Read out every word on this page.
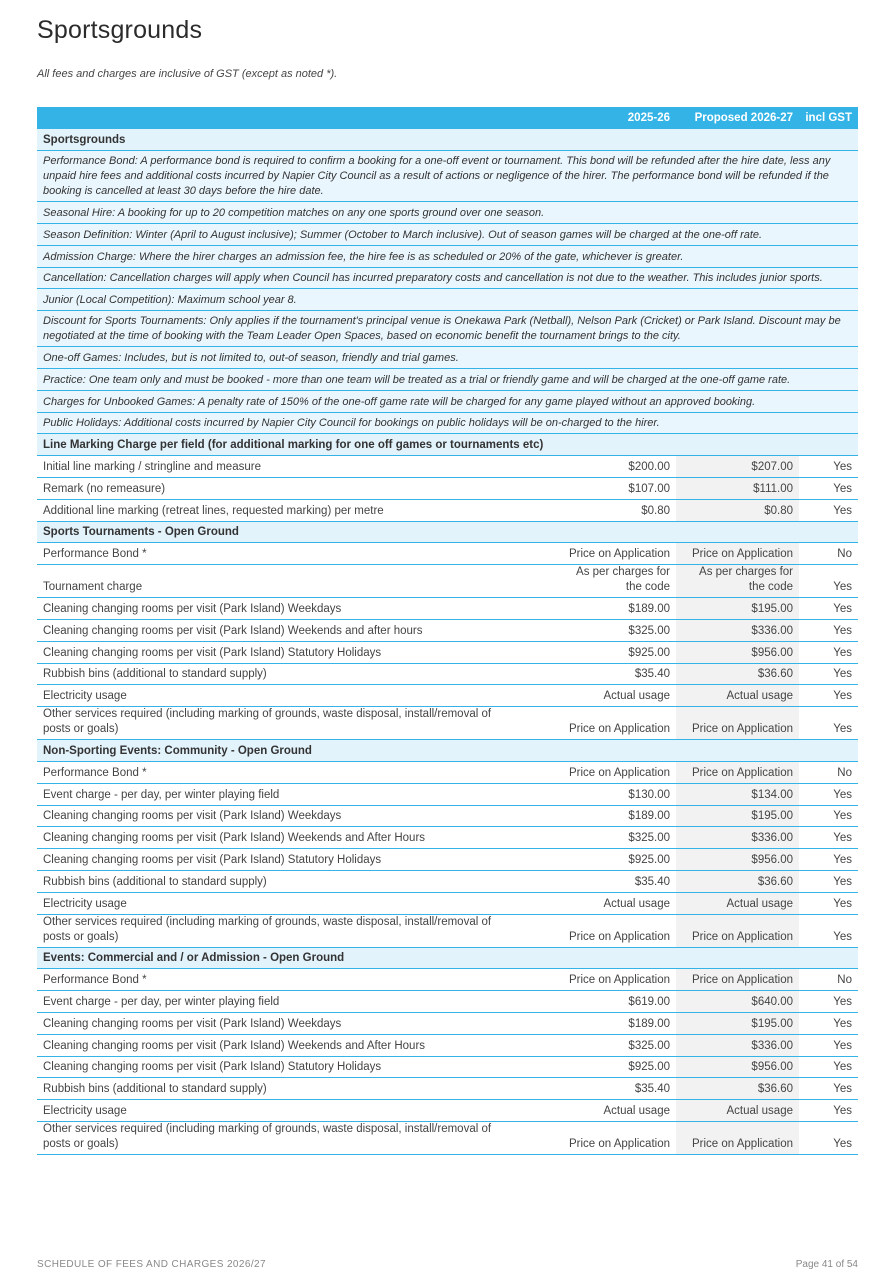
Sportsgrounds

All fees and charges are inclusive of GST (except as noted *).

	2025-26	Proposed 2026-27	incl GST
Sportsgrounds			
Performance Bond: A performance bond is required to confirm a booking for a one-off event or tournament. This bond will be refunded after the hire date, less any unpaid hire fees and additional costs incurred by Napier City Council as a result of actions or negligence of the hirer. The performance bond will be refunded if the booking is cancelled at least 30 days before the hire date.			
Seasonal Hire: A booking for up to 20 competition matches on any one sports ground over one season.			
Season Definition: Winter (April to August inclusive); Summer (October to March inclusive). Out of season games will be charged at the one-off rate.			
Admission Charge: Where the hirer charges an admission fee, the hire fee is as scheduled or 20% of the gate, whichever is greater.			
Cancellation: Cancellation charges will apply when Council has incurred preparatory costs and cancellation is not due to the weather. This includes junior sports.			
Junior (Local Competition): Maximum school year 8.			
Discount for Sports Tournaments: Only applies if the tournament's principal venue is Onekawa Park (Netball), Nelson Park (Cricket) or Park Island. Discount may be negotiated at the time of booking with the Team Leader Open Spaces, based on economic benefit the tournament brings to the city.			
One-off Games: Includes, but is not limited to, out-of season, friendly and trial games.			
Practice: One team only and must be booked - more than one team will be treated as a trial or friendly game and will be charged at the one-off game rate.			
Charges for Unbooked Games: A penalty rate of 150% of the one-off game rate will be charged for any game played without an approved booking.			
Public Holidays: Additional costs incurred by Napier City Council for bookings on public holidays will be on-charged to the hirer.			
Line Marking Charge per field (for additional marking for one off games or tournaments etc)			
Initial line marking / stringline and measure	$200.00	$207.00	Yes
Remark (no remeasure)	$107.00	$111.00	Yes
Additional line marking (retreat lines, requested marking) per metre	$0.80	$0.80	Yes
Sports Tournaments - Open Ground			
Performance Bond *	Price on Application	Price on Application	No
Tournament charge	As per charges for the code	As per charges for the code	Yes
Cleaning changing rooms per visit (Park Island) Weekdays	$189.00	$195.00	Yes
Cleaning changing rooms per visit (Park Island) Weekends and after hours	$325.00	$336.00	Yes
Cleaning changing rooms per visit (Park Island) Statutory Holidays	$925.00	$956.00	Yes
Rubbish bins (additional to standard supply)	$35.40	$36.60	Yes
Electricity usage	Actual usage	Actual usage	Yes
Other services required (including marking of grounds, waste disposal, install/removal of posts or goals)	Price on Application	Price on Application	Yes
Non-Sporting Events: Community - Open Ground			
Performance Bond *	Price on Application	Price on Application	No
Event charge - per day, per winter playing field	$130.00	$134.00	Yes
Cleaning changing rooms per visit (Park Island) Weekdays	$189.00	$195.00	Yes
Cleaning changing rooms per visit (Park Island) Weekends and After Hours	$325.00	$336.00	Yes
Cleaning changing rooms per visit (Park Island) Statutory Holidays	$925.00	$956.00	Yes
Rubbish bins (additional to standard supply)	$35.40	$36.60	Yes
Electricity usage	Actual usage	Actual usage	Yes
Other services required (including marking of grounds, waste disposal, install/removal of posts or goals)	Price on Application	Price on Application	Yes
Events: Commercial and / or Admission - Open Ground			
Performance Bond *	Price on Application	Price on Application	No
Event charge - per day, per winter playing field	$619.00	$640.00	Yes
Cleaning changing rooms per visit (Park Island) Weekdays	$189.00	$195.00	Yes
Cleaning changing rooms per visit (Park Island) Weekends and After Hours	$325.00	$336.00	Yes
Cleaning changing rooms per visit (Park Island) Statutory Holidays	$925.00	$956.00	Yes
Rubbish bins (additional to standard supply)	$35.40	$36.60	Yes
Electricity usage	Actual usage	Actual usage	Yes
Other services required (including marking of grounds, waste disposal, install/removal of posts or goals)	Price on Application	Price on Application	Yes
SCHEDULE OF FEES AND CHARGES 2026/27	Page 41 of 54
